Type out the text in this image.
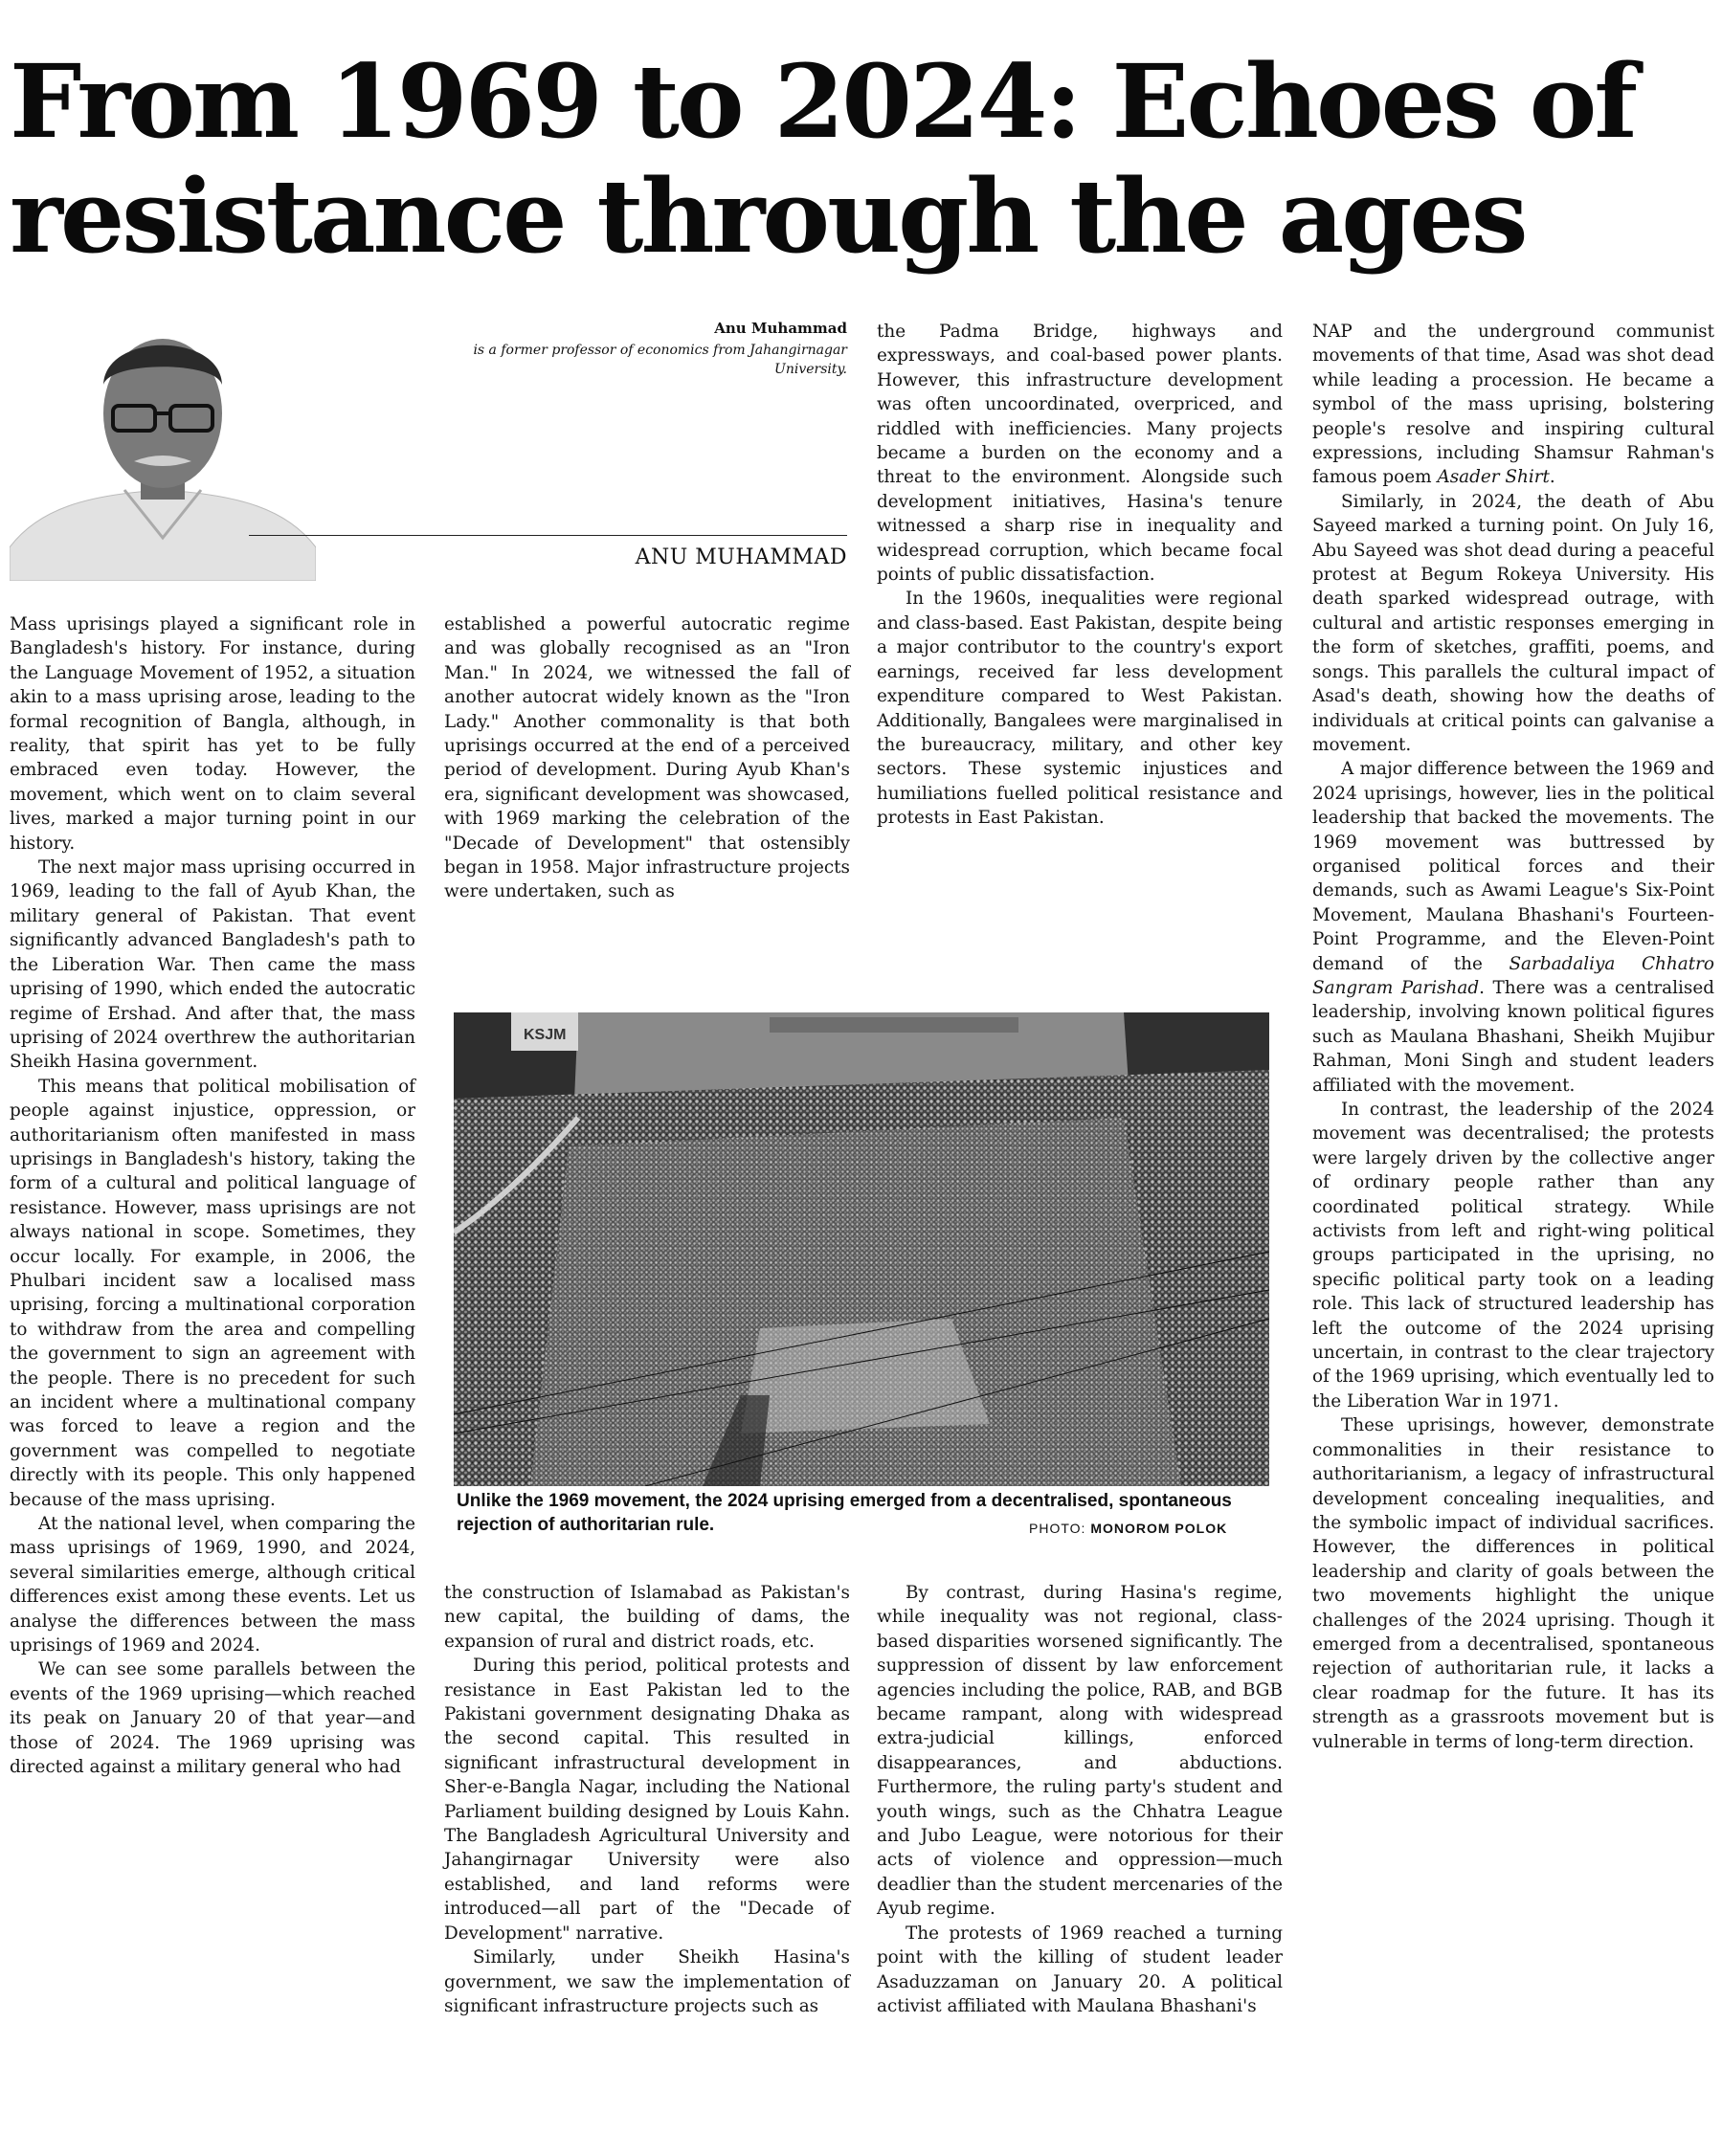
From 1969 to 2024: Echoes of resistance through the ages
Anu Muhammad
is a former professor of economics from Jahangirnagar University.
ANU MUHAMMAD

Mass uprisings played a significant role in Bangladesh's history. For instance, during the Language Movement of 1952, a situation akin to a mass uprising arose, leading to the formal recognition of Bangla, although, in reality, that spirit has yet to be fully embraced even today. However, the movement, which went on to claim several lives, marked a major turning point in our history.

The next major mass uprising occurred in 1969, leading to the fall of Ayub Khan, the military general of Pakistan. That event significantly advanced Bangladesh's path to the Liberation War. Then came the mass uprising of 1990, which ended the autocratic regime of Ershad. And after that, the mass uprising of 2024 overthrew the authoritarian Sheikh Hasina government.

This means that political mobilisation of people against injustice, oppression, or authoritarianism often manifested in mass uprisings in Bangladesh's history, taking the form of a cultural and political language of resistance. However, mass uprisings are not always national in scope. Sometimes, they occur locally. For example, in 2006, the Phulbari incident saw a localised mass uprising, forcing a multinational corporation to withdraw from the area and compelling the government to sign an agreement with the people. There is no precedent for such an incident where a multinational company was forced to leave a region and the government was compelled to negotiate directly with its people. This only happened because of the mass uprising.

At the national level, when comparing the mass uprisings of 1969, 1990, and 2024, several similarities emerge, although critical differences exist among these events. Let us analyse the differences between the mass uprisings of 1969 and 2024.

We can see some parallels between the events of the 1969 uprising—which reached its peak on January 20 of that year—and those of 2024. The 1969 uprising was directed against a military general who had

established a powerful autocratic regime and was globally recognised as an "Iron Man." In 2024, we witnessed the fall of another autocrat widely known as the "Iron Lady." Another commonality is that both uprisings occurred at the end of a perceived period of development. During Ayub Khan's era, significant development was showcased, with 1969 marking the celebration of the "Decade of Development" that ostensibly began in 1958. Major infrastructure projects were undertaken, such as

the Padma Bridge, highways and expressways, and coal-based power plants. However, this infrastructure development was often uncoordinated, overpriced, and riddled with inefficiencies. Many projects became a burden on the economy and a threat to the environment. Alongside such development initiatives, Hasina's tenure witnessed a sharp rise in inequality and widespread corruption, which became focal points of public dissatisfaction.

In the 1960s, inequalities were regional and class-based. East Pakistan, despite being a major contributor to the country's export earnings, received far less development expenditure compared to West Pakistan. Additionally, Bangalees were marginalised in the bureaucracy, military, and other key sectors. These systemic injustices and humiliations fuelled political resistance and protests in East Pakistan.

KSJM
Unlike the 1969 movement, the 2024 uprising emerged from a decentralised, spontaneous rejection of authoritarian rule.	PHOTO: MONOROM POLOK

the construction of Islamabad as Pakistan's new capital, the building of dams, the expansion of rural and district roads, etc.

During this period, political protests and resistance in East Pakistan led to the Pakistani government designating Dhaka as the second capital. This resulted in significant infrastructural development in Sher-e-Bangla Nagar, including the National Parliament building designed by Louis Kahn. The Bangladesh Agricultural University and Jahangirnagar University were also established, and land reforms were introduced—all part of the "Decade of Development" narrative.

Similarly, under Sheikh Hasina's government, we saw the implementation of significant infrastructure projects such as

By contrast, during Hasina's regime, while inequality was not regional, class-based disparities worsened significantly. The suppression of dissent by law enforcement agencies including the police, RAB, and BGB became rampant, along with widespread extra-judicial killings, enforced disappearances, and abductions. Furthermore, the ruling party's student and youth wings, such as the Chhatra League and Jubo League, were notorious for their acts of violence and oppression—much deadlier than the student mercenaries of the Ayub regime.

The protests of 1969 reached a turning point with the killing of student leader Asaduzzaman on January 20. A political activist affiliated with Maulana Bhashani's

NAP and the underground communist movements of that time, Asad was shot dead while leading a procession. He became a symbol of the mass uprising, bolstering people's resolve and inspiring cultural expressions, including Shamsur Rahman's famous poem Asader Shirt.

Similarly, in 2024, the death of Abu Sayeed marked a turning point. On July 16, Abu Sayeed was shot dead during a peaceful protest at Begum Rokeya University. His death sparked widespread outrage, with cultural and artistic responses emerging in the form of sketches, graffiti, poems, and songs. This parallels the cultural impact of Asad's death, showing how the deaths of individuals at critical points can galvanise a movement.

A major difference between the 1969 and 2024 uprisings, however, lies in the political leadership that backed the movements. The 1969 movement was buttressed by organised political forces and their demands, such as Awami League's Six-Point Movement, Maulana Bhashani's Fourteen-Point Programme, and the Eleven-Point demand of the Sarbadaliya Chhatro Sangram Parishad. There was a centralised leadership, involving known political figures such as Maulana Bhashani, Sheikh Mujibur Rahman, Moni Singh and student leaders affiliated with the movement.

In contrast, the leadership of the 2024 movement was decentralised; the protests were largely driven by the collective anger of ordinary people rather than any coordinated political strategy. While activists from left and right-wing political groups participated in the uprising, no specific political party took on a leading role. This lack of structured leadership has left the outcome of the 2024 uprising uncertain, in contrast to the clear trajectory of the 1969 uprising, which eventually led to the Liberation War in 1971.

These uprisings, however, demonstrate commonalities in their resistance to authoritarianism, a legacy of infrastructural development concealing inequalities, and the symbolic impact of individual sacrifices. However, the differences in political leadership and clarity of goals between the two movements highlight the unique challenges of the 2024 uprising. Though it emerged from a decentralised, spontaneous rejection of authoritarian rule, it lacks a clear roadmap for the future. It has its strength as a grassroots movement but is vulnerable in terms of long-term direction.
